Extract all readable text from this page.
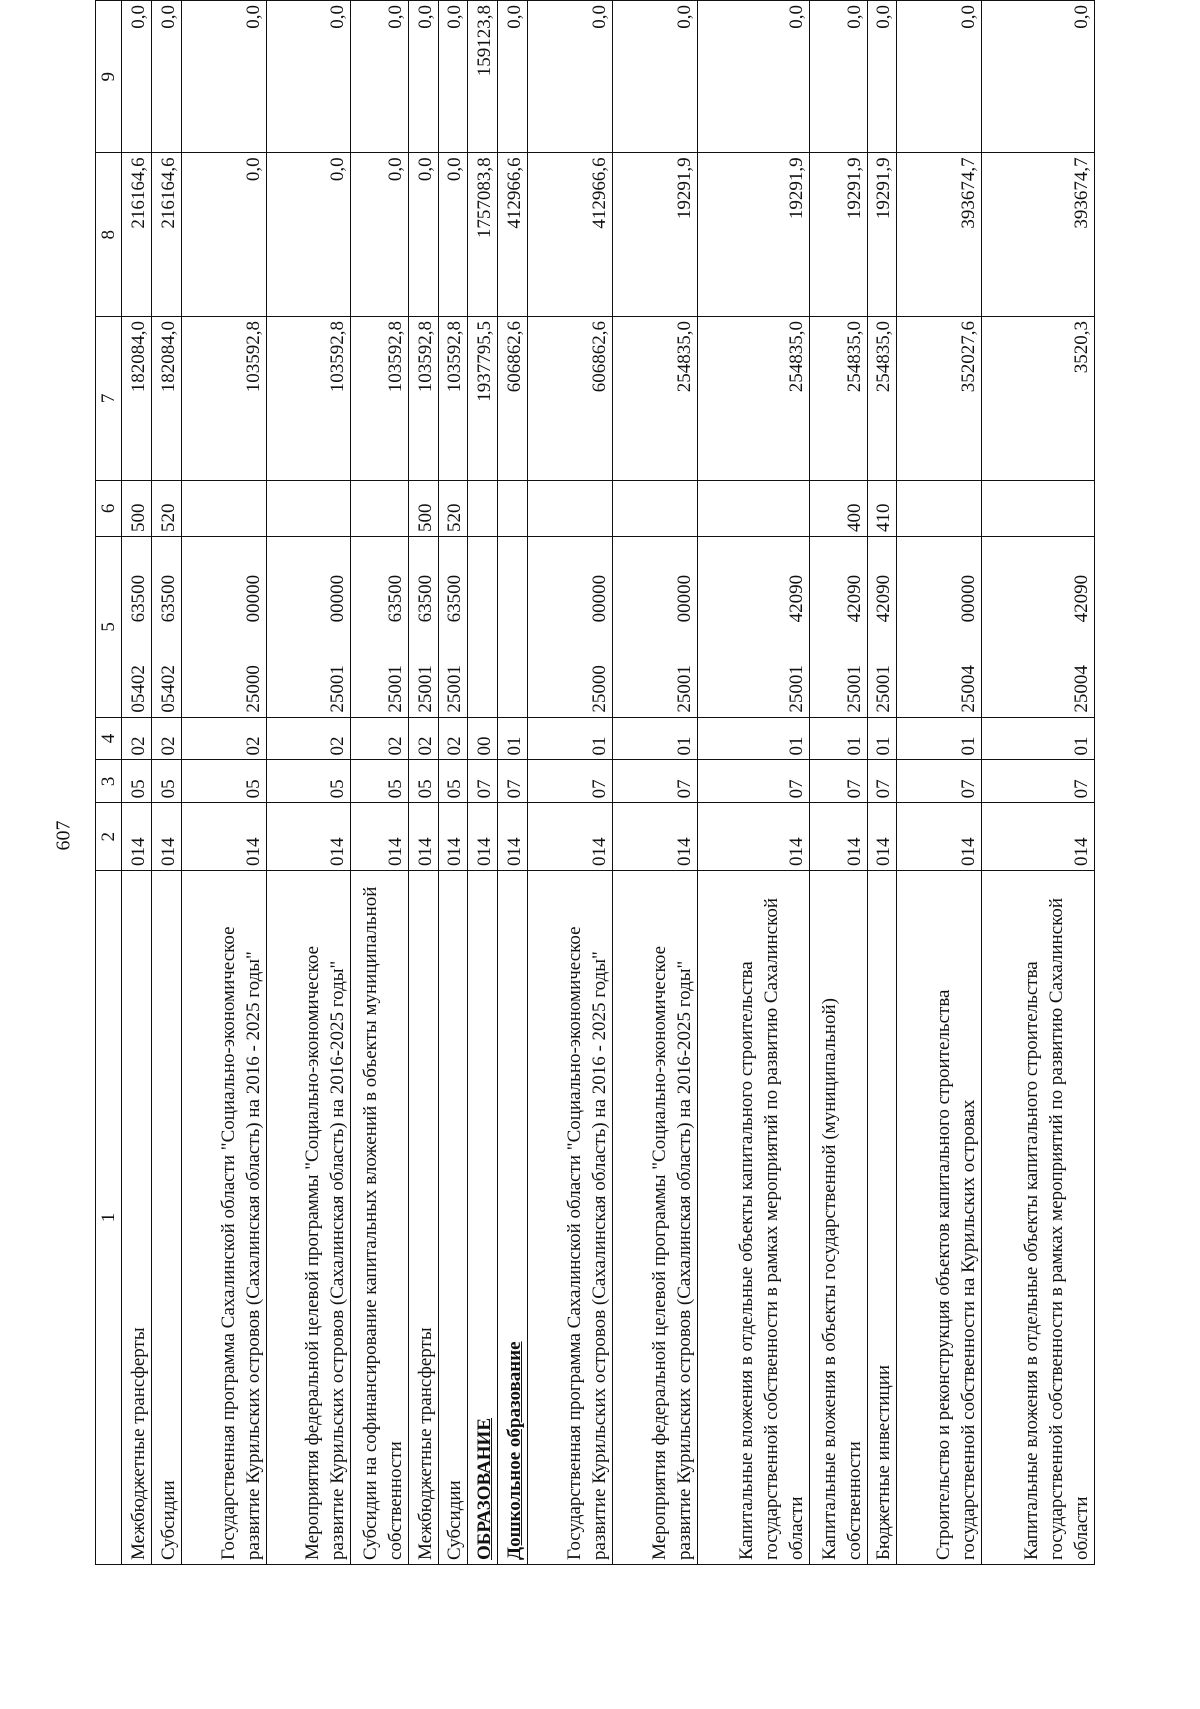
607
1	2	3	4	5	6	7	8	9
Межбюджетные трансферты	014	05	02	05402 63500	500	182084,0	216164,6	0,0
Субсидии	014	05	02	05402 63500	520	182084,0	216164,6	0,0
Государственная программа Сахалинской области "Социально-экономическое развитие Курильских островов (Сахалинская область) на 2016 - 2025 годы"	014	05	02	25000 00000		103592,8	0,0	0,0
Мероприятия федеральной целевой программы "Социально-экономическое развитие Курильских островов (Сахалинская область) на 2016-2025 годы"	014	05	02	25001 00000		103592,8	0,0	0,0
Субсидии на софинансирование капитальных вложений в объекты муниципальной собственности	014	05	02	25001 63500		103592,8	0,0	0,0
Межбюджетные трансферты	014	05	02	25001 63500	500	103592,8	0,0	0,0
Субсидии	014	05	02	25001 63500	520	103592,8	0,0	0,0
ОБРАЗОВАНИЕ	014	07	00			1937795,5	1757083,8	159123,8
Дошкольное образование	014	07	01			606862,6	412966,6	0,0
Государственная программа Сахалинской области "Социально-экономическое развитие Курильских островов (Сахалинская область) на 2016 - 2025 годы"	014	07	01	25000 00000		606862,6	412966,6	0,0
Мероприятия федеральной целевой программы "Социально-экономическое развитие Курильских островов (Сахалинская область) на 2016-2025 годы"	014	07	01	25001 00000		254835,0	19291,9	0,0
Капитальные вложения в отдельные объекты капитального строительства государственной собственности в рамках мероприятий по развитию Сахалинской области	014	07	01	25001 42090		254835,0	19291,9	0,0
Капитальные вложения в объекты государственной (муниципальной) собственности	014	07	01	25001 42090	400	254835,0	19291,9	0,0
Бюджетные инвестиции	014	07	01	25001 42090	410	254835,0	19291,9	0,0
Строительство и реконструкция объектов капитального строительства государственной собственности на Курильских островах	014	07	01	25004 00000		352027,6	393674,7	0,0
Капитальные вложения в отдельные объекты капитального строительства государственной собственности в рамках мероприятий по развитию Сахалинской области	014	07	01	25004 42090		3520,3	393674,7	0,0
